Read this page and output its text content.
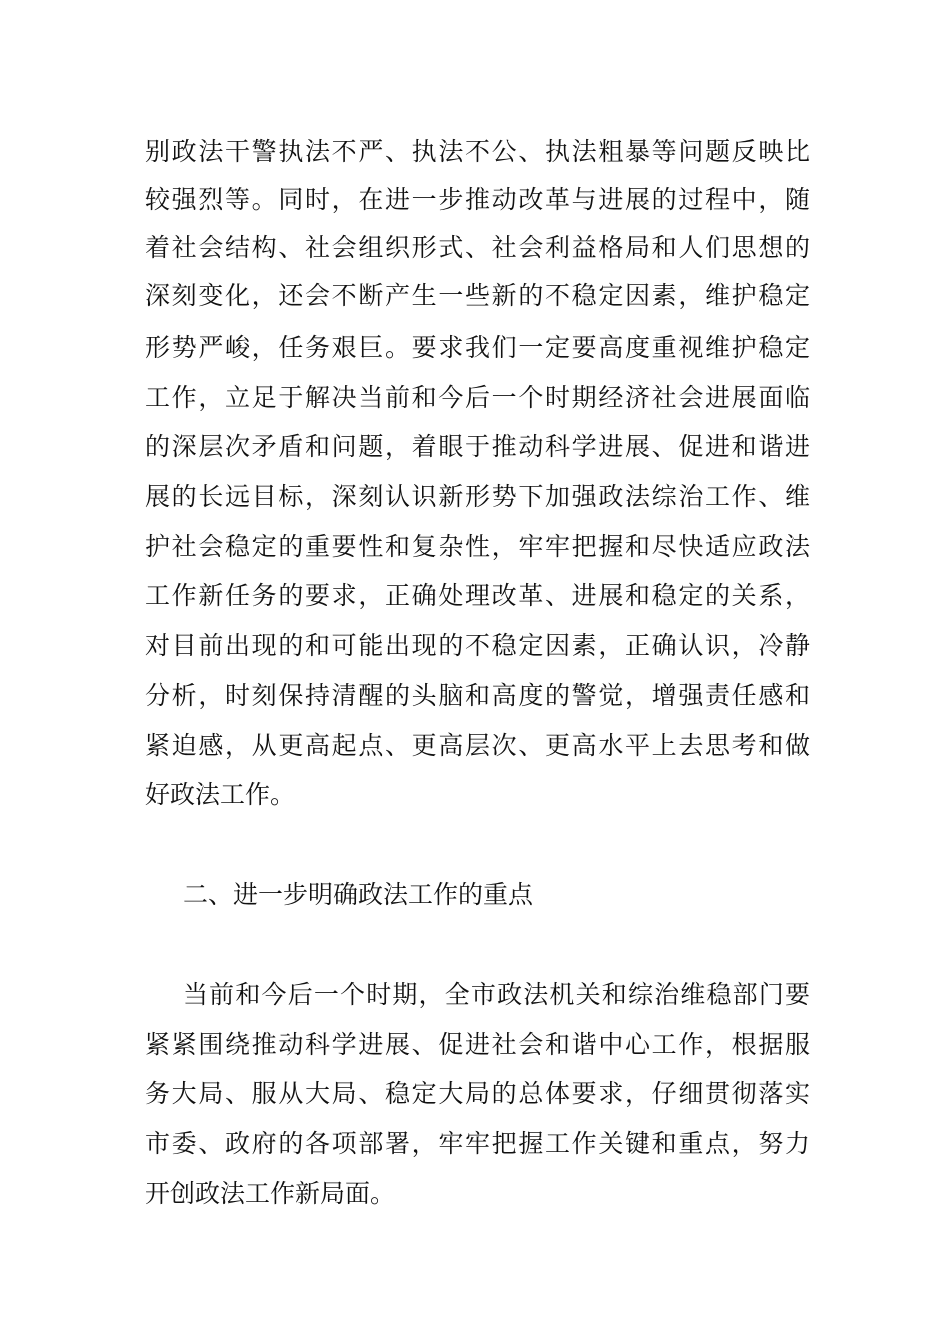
别政法干警执法不严、执法不公、执法粗暴等问题反映比
较强烈等。同时，在进一步推动改革与进展的过程中，随
着社会结构、社会组织形式、社会利益格局和人们思想的
深刻变化，还会不断产生一些新的不稳定因素，维护稳定
形势严峻，任务艰巨。要求我们一定要高度重视维护稳定
工作，立足于解决当前和今后一个时期经济社会进展面临
的深层次矛盾和问题，着眼于推动科学进展、促进和谐进
展的长远目标，深刻认识新形势下加强政法综治工作、维
护社会稳定的重要性和复杂性，牢牢把握和尽快适应政法
工作新任务的要求，正确处理改革、进展和稳定的关系，
对目前出现的和可能出现的不稳定因素，正确认识，冷静
分析，时刻保持清醒的头脑和高度的警觉，增强责任感和
紧迫感，从更高起点、更高层次、更高水平上去思考和做
好政法工作。
二、进一步明确政法工作的重点
当前和今后一个时期，全市政法机关和综治维稳部门要
紧紧围绕推动科学进展、促进社会和谐中心工作，根据服
务大局、服从大局、稳定大局的总体要求，仔细贯彻落实
市委、政府的各项部署，牢牢把握工作关键和重点，努力
开创政法工作新局面。
